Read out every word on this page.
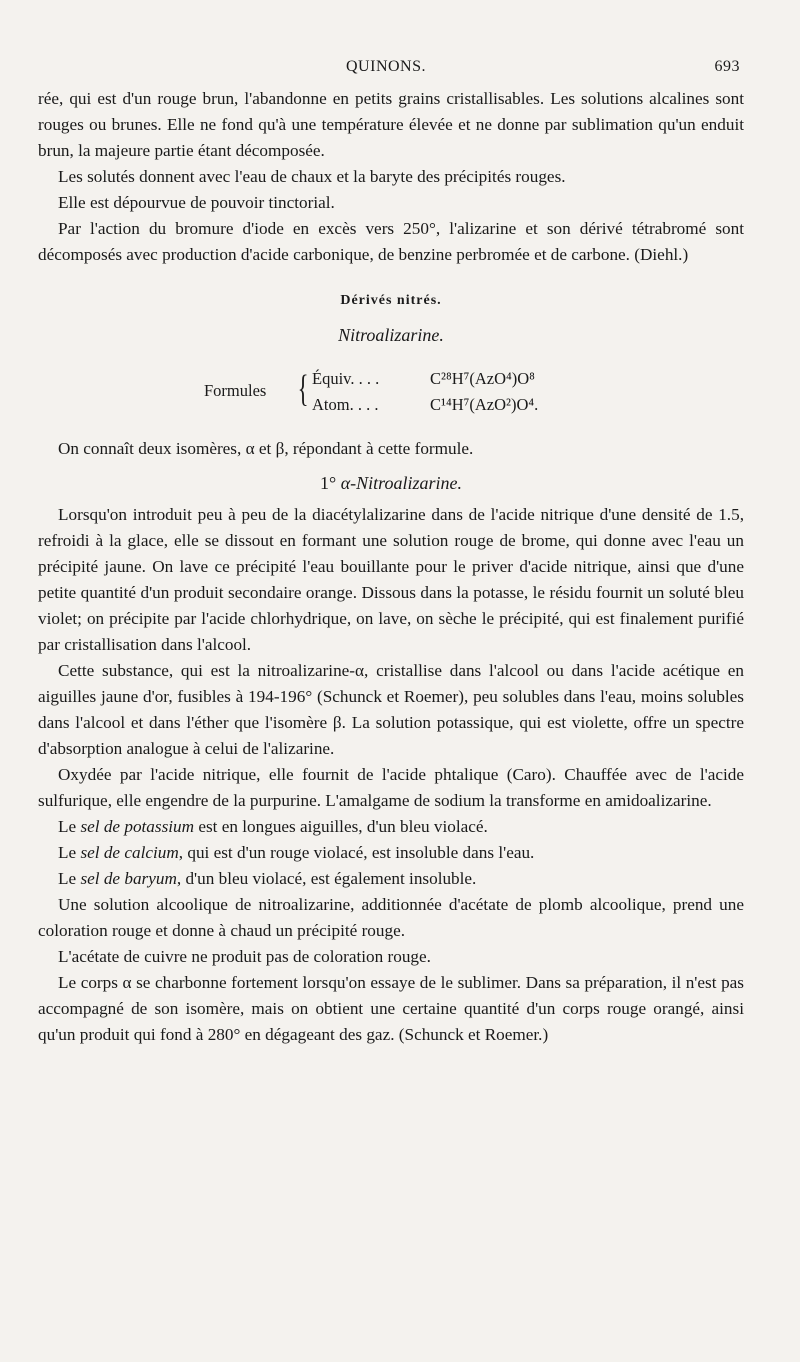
QUINONS.	693

rée, qui est d'un rouge brun, l'abandonne en petits grains cristallisables. Les solutions alcalines sont rouges ou brunes. Elle ne fond qu'à une température élevée et ne donne par sublimation qu'un enduit brun, la majeure partie étant décomposée.

Les solutés donnent avec l'eau de chaux et la baryte des précipités rouges.

Elle est dépourvue de pouvoir tinctorial.

Par l'action du bromure d'iode en excès vers 250°, l'alizarine et son dérivé tétrabromé sont décomposés avec production d'acide carbonique, de benzine perbromée et de carbone. (Diehl.)

Dérivés nitrés.
Nitroalizarine.
Formules { Équiv. . . .	C²⁸H⁷(AzO⁴)O⁸
Atom. . . .	C¹⁴H⁷(AzO²)O⁴.

On connaît deux isomères, α et β, répondant à cette formule.

1° α-Nitroalizarine.

Lorsqu'on introduit peu à peu de la diacétylalizarine dans de l'acide nitrique d'une densité de 1.5, refroidi à la glace, elle se dissout en formant une solution rouge de brome, qui donne avec l'eau un précipité jaune. On lave ce précipité l'eau bouillante pour le priver d'acide nitrique, ainsi que d'une petite quantité d'un produit secondaire orange. Dissous dans la potasse, le résidu fournit un soluté bleu violet; on précipite par l'acide chlorhydrique, on lave, on sèche le précipité, qui est finalement purifié par cristallisation dans l'alcool.

Cette substance, qui est la nitroalizarine-α, cristallise dans l'alcool ou dans l'acide acétique en aiguilles jaune d'or, fusibles à 194-196° (Schunck et Roemer), peu solubles dans l'eau, moins solubles dans l'alcool et dans l'éther que l'isomère β. La solution potassique, qui est violette, offre un spectre d'absorption analogue à celui de l'alizarine.

Oxydée par l'acide nitrique, elle fournit de l'acide phtalique (Caro). Chauffée avec de l'acide sulfurique, elle engendre de la purpurine. L'amalgame de sodium la transforme en amidoalizarine.

Le sel de potassium est en longues aiguilles, d'un bleu violacé.

Le sel de calcium, qui est d'un rouge violacé, est insoluble dans l'eau.

Le sel de baryum, d'un bleu violacé, est également insoluble.

Une solution alcoolique de nitroalizarine, additionnée d'acétate de plomb alcoolique, prend une coloration rouge et donne à chaud un précipité rouge.

L'acétate de cuivre ne produit pas de coloration rouge.

Le corps α se charbonne fortement lorsqu'on essaye de le sublimer. Dans sa préparation, il n'est pas accompagné de son isomère, mais on obtient une certaine quantité d'un corps rouge orangé, ainsi qu'un produit qui fond à 280° en dégageant des gaz. (Schunck et Roemer.)
